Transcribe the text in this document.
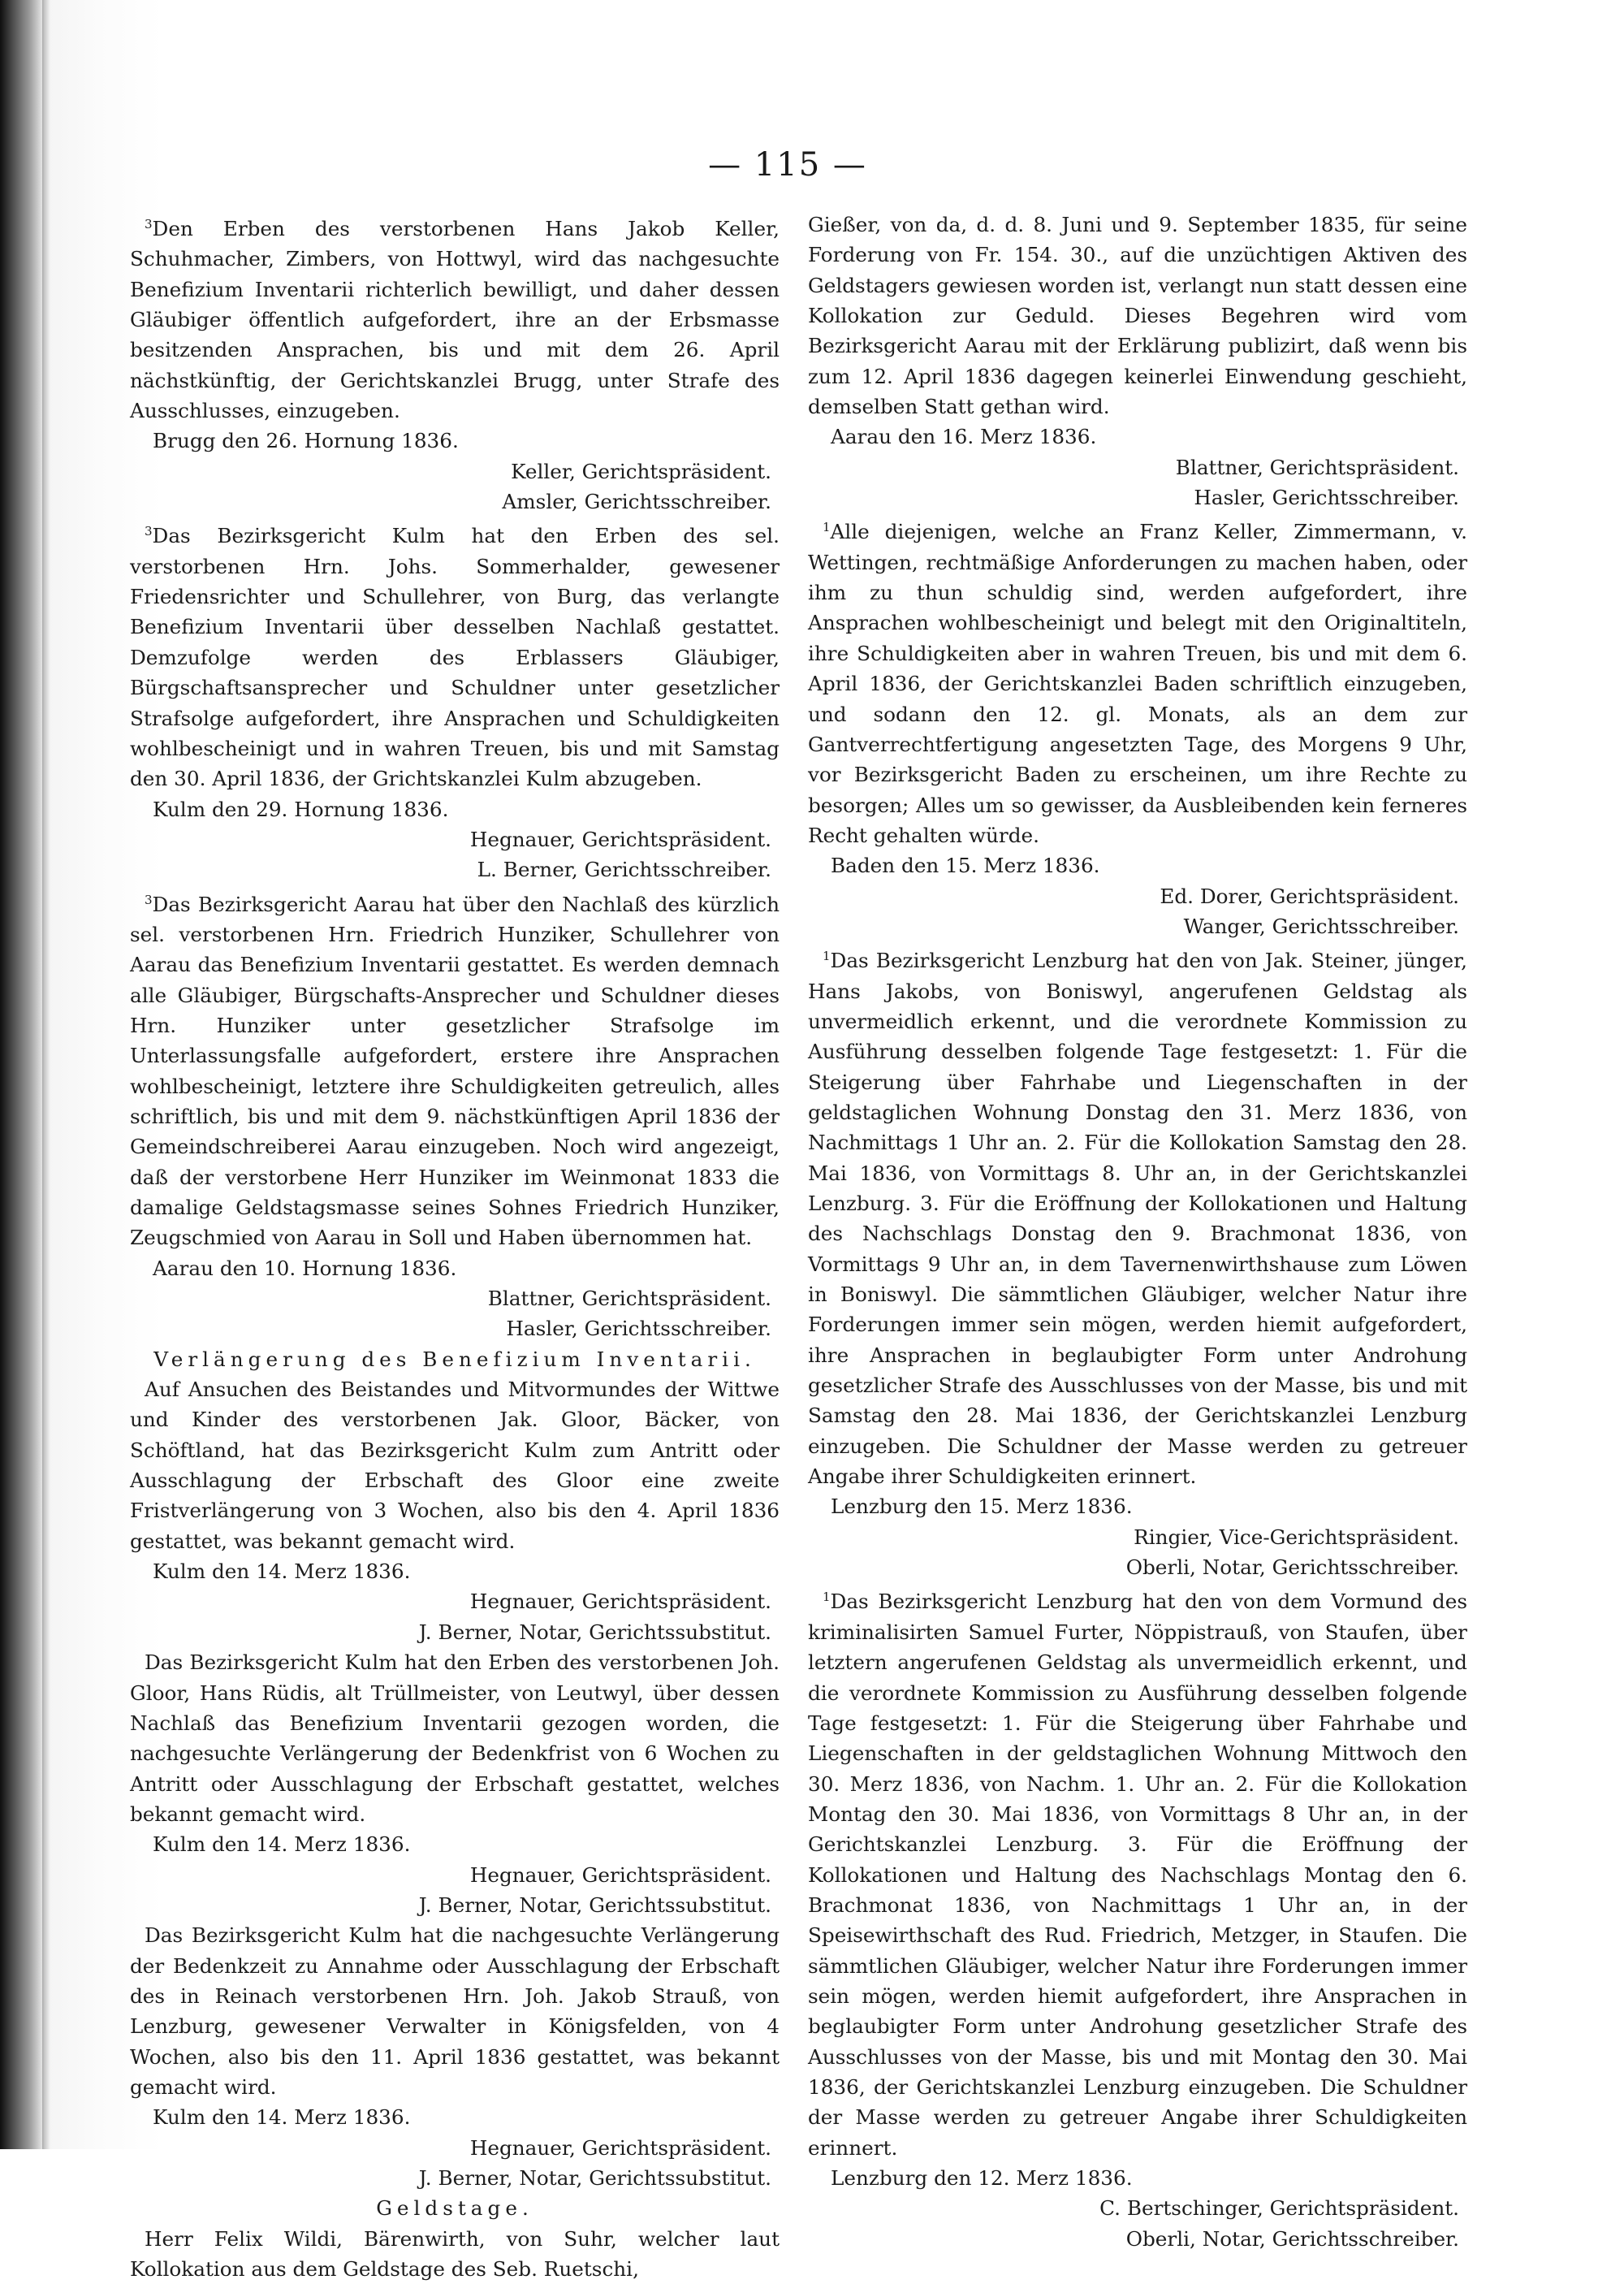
— 115 —

$^3$Den Erben des verstorbenen Hans Jakob Keller, Schuhmacher, Zimbers, von Hottwyl, wird das nachgesuchte Benefizium Inventarii richterlich bewilligt, und daher dessen Gläubiger öffentlich aufgefordert, ihre an der Erbsmasse besitzenden Ansprachen, bis und mit dem 26. April nächstkünftig, der Gerichtskanzlei Brugg, unter Strafe des Ausschlusses, einzugeben.

Brugg den 26. Hornung 1836.

Keller, Gerichtspräsident.

Amsler, Gerichtsschreiber.

$^3$Das Bezirksgericht Kulm hat den Erben des sel. verstorbenen Hrn. Johs. Sommerhalder, gewesener Friedensrichter und Schullehrer, von Burg, das verlangte Benefizium Inventarii über desselben Nachlaß gestattet. Demzufolge werden des Erblassers Gläubiger, Bürgschaftsansprecher und Schuldner unter gesetzlicher Strafsolge aufgefordert, ihre Ansprachen und Schuldigkeiten wohlbescheinigt und in wahren Treuen, bis und mit Samstag den 30. April 1836, der Grichtskanzlei Kulm abzugeben.

Kulm den 29. Hornung 1836.

Hegnauer, Gerichtspräsident.

L. Berner, Gerichtsschreiber.

$^3$Das Bezirksgericht Aarau hat über den Nachlaß des kürzlich sel. verstorbenen Hrn. Friedrich Hunziker, Schullehrer von Aarau das Benefizium Inventarii gestattet. Es werden demnach alle Gläubiger, Bürgschafts-Ansprecher und Schuldner dieses Hrn. Hunziker unter gesetzlicher Strafsolge im Unterlassungsfalle aufgefordert, erstere ihre Ansprachen wohlbescheinigt, letztere ihre Schuldigkeiten getreulich, alles schriftlich, bis und mit dem 9. nächstkünftigen April 1836 der Gemeindschreiberei Aarau einzugeben. Noch wird angezeigt, daß der verstorbene Herr Hunziker im Weinmonat 1833 die damalige Geldstagsmasse seines Sohnes Friedrich Hunziker, Zeugschmied von Aarau in Soll und Haben übernommen hat.

Aarau den 10. Hornung 1836.

Blattner, Gerichtspräsident.

Hasler, Gerichtsschreiber.

Verlängerung des Benefizium Inventarii.

Auf Ansuchen des Beistandes und Mitvormundes der Wittwe und Kinder des verstorbenen Jak. Gloor, Bäcker, von Schöftland, hat das Bezirksgericht Kulm zum Antritt oder Ausschlagung der Erbschaft des Gloor eine zweite Fristverlängerung von 3 Wochen, also bis den 4. April 1836 gestattet, was bekannt gemacht wird.

Kulm den 14. Merz 1836.

Hegnauer, Gerichtspräsident.

J. Berner, Notar, Gerichtssubstitut.

Das Bezirksgericht Kulm hat den Erben des verstorbenen Joh. Gloor, Hans Rüdis, alt Trüllmeister, von Leutwyl, über dessen Nachlaß das Benefizium Inventarii gezogen worden, die nachgesuchte Verlängerung der Bedenkfrist von 6 Wochen zu Antritt oder Ausschlagung der Erbschaft gestattet, welches bekannt gemacht wird.

Kulm den 14. Merz 1836.

Hegnauer, Gerichtspräsident.

J. Berner, Notar, Gerichtssubstitut.

Das Bezirksgericht Kulm hat die nachgesuchte Verlängerung der Bedenkzeit zu Annahme oder Ausschlagung der Erbschaft des in Reinach verstorbenen Hrn. Joh. Jakob Strauß, von Lenzburg, gewesener Verwalter in Königsfelden, von 4 Wochen, also bis den 11. April 1836 gestattet, was bekannt gemacht wird.

Kulm den 14. Merz 1836.

Hegnauer, Gerichtspräsident.

J. Berner, Notar, Gerichtssubstitut.

Geldstage.

Herr Felix Wildi, Bärenwirth, von Suhr, welcher laut Kollokation aus dem Geldstage des Seb. Ruetschi,

Gießer, von da, d. d. 8. Juni und 9. September 1835, für seine Forderung von Fr. 154. 30., auf die unzüchtigen Aktiven des Geldstagers gewiesen worden ist, verlangt nun statt dessen eine Kollokation zur Geduld. Dieses Begehren wird vom Bezirksgericht Aarau mit der Erklärung publizirt, daß wenn bis zum 12. April 1836 dagegen keinerlei Einwendung geschieht, demselben Statt gethan wird.

Aarau den 16. Merz 1836.

Blattner, Gerichtspräsident.

Hasler, Gerichtsschreiber.

$^1$Alle diejenigen, welche an Franz Keller, Zimmermann, v. Wettingen, rechtmäßige Anforderungen zu machen haben, oder ihm zu thun schuldig sind, werden aufgefordert, ihre Ansprachen wohlbescheinigt und belegt mit den Originaltiteln, ihre Schuldigkeiten aber in wahren Treuen, bis und mit dem 6. April 1836, der Gerichtskanzlei Baden schriftlich einzugeben, und sodann den 12. gl. Monats, als an dem zur Gantverrechtfertigung angesetzten Tage, des Morgens 9 Uhr, vor Bezirksgericht Baden zu erscheinen, um ihre Rechte zu besorgen; Alles um so gewisser, da Ausbleibenden kein ferneres Recht gehalten würde.

Baden den 15. Merz 1836.

Ed. Dorer, Gerichtspräsident.

Wanger, Gerichtsschreiber.

$^1$Das Bezirksgericht Lenzburg hat den von Jak. Steiner, jünger, Hans Jakobs, von Boniswyl, angerufenen Geldstag als unvermeidlich erkennt, und die verordnete Kommission zu Ausführung desselben folgende Tage festgesetzt: 1. Für die Steigerung über Fahrhabe und Liegenschaften in der geldstaglichen Wohnung Donstag den 31. Merz 1836, von Nachmittags 1 Uhr an. 2. Für die Kollokation Samstag den 28. Mai 1836, von Vormittags 8. Uhr an, in der Gerichtskanzlei Lenzburg. 3. Für die Eröffnung der Kollokationen und Haltung des Nachschlags Donstag den 9. Brachmonat 1836, von Vormittags 9 Uhr an, in dem Tavernenwirthshause zum Löwen in Boniswyl. Die sämmtlichen Gläubiger, welcher Natur ihre Forderungen immer sein mögen, werden hiemit aufgefordert, ihre Ansprachen in beglaubigter Form unter Androhung gesetzlicher Strafe des Ausschlusses von der Masse, bis und mit Samstag den 28. Mai 1836, der Gerichtskanzlei Lenzburg einzugeben. Die Schuldner der Masse werden zu getreuer Angabe ihrer Schuldigkeiten erinnert.

Lenzburg den 15. Merz 1836.

Ringier, Vice-Gerichtspräsident.

Oberli, Notar, Gerichtsschreiber.

$^1$Das Bezirksgericht Lenzburg hat den von dem Vormund des kriminalisirten Samuel Furter, Nöppistrauß, von Staufen, über letztern angerufenen Geldstag als unvermeidlich erkennt, und die verordnete Kommission zu Ausführung desselben folgende Tage festgesetzt: 1. Für die Steigerung über Fahrhabe und Liegenschaften in der geldstaglichen Wohnung Mittwoch den 30. Merz 1836, von Nachm. 1. Uhr an. 2. Für die Kollokation Montag den 30. Mai 1836, von Vormittags 8 Uhr an, in der Gerichtskanzlei Lenzburg. 3. Für die Eröffnung der Kollokationen und Haltung des Nachschlags Montag den 6. Brachmonat 1836, von Nachmittags 1 Uhr an, in der Speisewirthschaft des Rud. Friedrich, Metzger, in Staufen. Die sämmtlichen Gläubiger, welcher Natur ihre Forderungen immer sein mögen, werden hiemit aufgefordert, ihre Ansprachen in beglaubigter Form unter Androhung gesetzlicher Strafe des Ausschlusses von der Masse, bis und mit Montag den 30. Mai 1836, der Gerichtskanzlei Lenzburg einzugeben. Die Schuldner der Masse werden zu getreuer Angabe ihrer Schuldigkeiten erinnert.

Lenzburg den 12. Merz 1836.

C. Bertschinger, Gerichtspräsident.

Oberli, Notar, Gerichtsschreiber.
